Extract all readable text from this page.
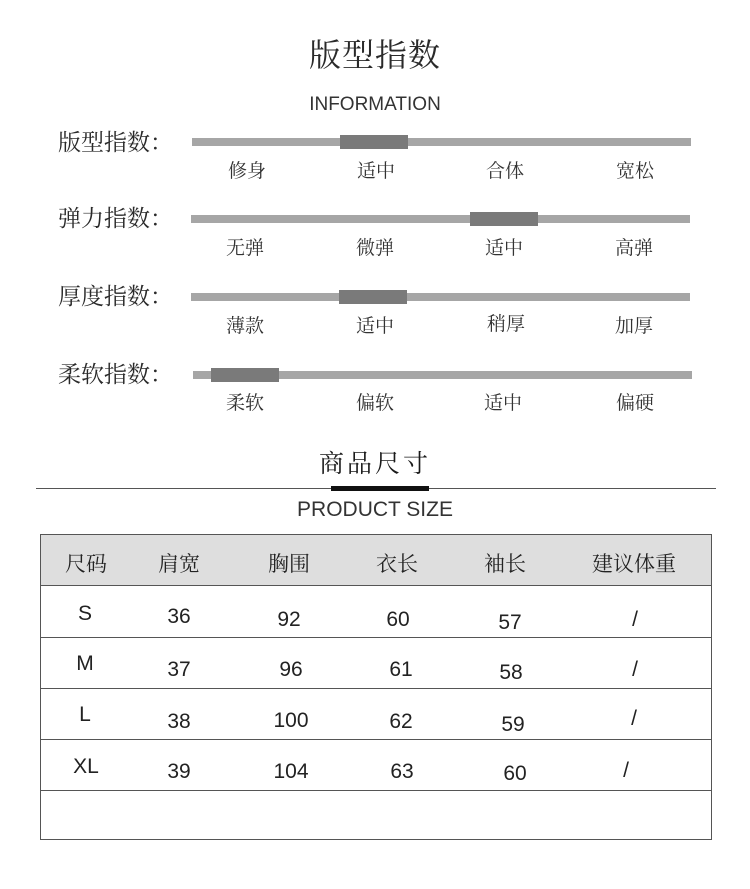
版型指数
INFORMATION
版型指数：
修身	适中	合体	宽松
弹力指数：
无弹	微弹	适中	高弹
厚度指数：
薄款	适中	稍厚	加厚
柔软指数：
柔软	偏软	适中	偏硬
商品尺寸
PRODUCT SIZE
尺码	肩宽	胸围	衣长	袖长	建议体重
S	36	92	60	57	/
M	37	96	61	58	/
L	38	100	62	59	/
XL	39	104	63	60	/
